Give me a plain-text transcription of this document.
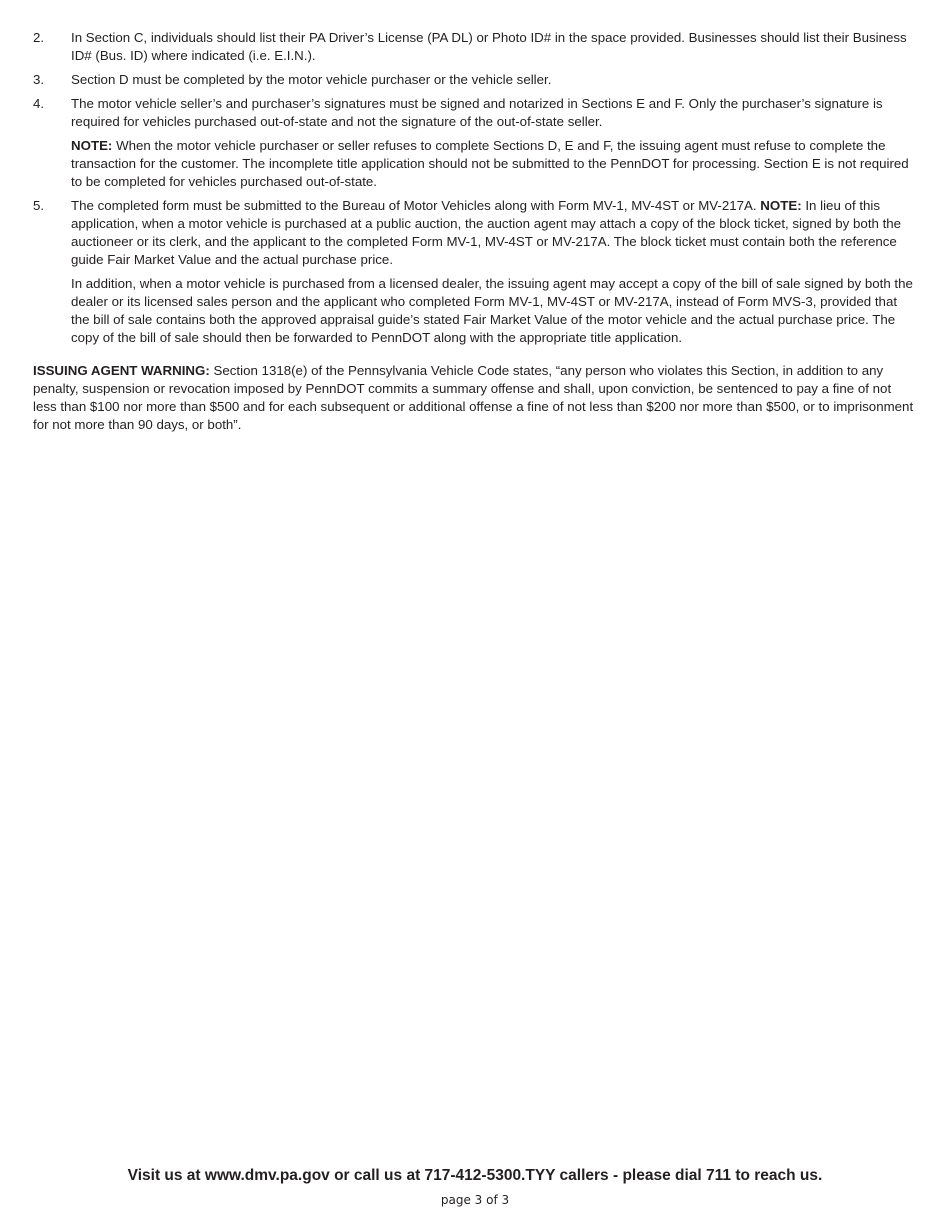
2. In Section C, individuals should list their PA Driver’s License (PA DL) or Photo ID# in the space provided. Businesses should list their Business ID# (Bus. ID) where indicated (i.e. E.I.N.).

3. Section D must be completed by the motor vehicle purchaser or the vehicle seller.

4. The motor vehicle seller’s and purchaser’s signatures must be signed and notarized in Sections E and F. Only the purchaser’s signature is required for vehicles purchased out-of-state and not the signature of the out-of-state seller.

NOTE: When the motor vehicle purchaser or seller refuses to complete Sections D, E and F, the issuing agent must refuse to complete the transaction for the customer. The incomplete title application should not be submitted to the PennDOT for processing. Section E is not required to be completed for vehicles purchased out-of-state.

5. The completed form must be submitted to the Bureau of Motor Vehicles along with Form MV-1, MV-4ST or MV-217A. NOTE: In lieu of this application, when a motor vehicle is purchased at a public auction, the auction agent may attach a copy of the block ticket, signed by both the auctioneer or its clerk, and the applicant to the completed Form MV-1, MV-4ST or MV-217A. The block ticket must contain both the reference guide Fair Market Value and the actual purchase price.

In addition, when a motor vehicle is purchased from a licensed dealer, the issuing agent may accept a copy of the bill of sale signed by both the dealer or its licensed sales person and the applicant who completed Form MV-1, MV-4ST or MV-217A, instead of Form MVS-3, provided that the bill of sale contains both the approved appraisal guide’s stated Fair Market Value of the motor vehicle and the actual purchase price. The copy of the bill of sale should then be forwarded to PennDOT along with the appropriate title application.

ISSUING AGENT WARNING: Section 1318(e) of the Pennsylvania Vehicle Code states, “any person who violates this Section, in addition to any penalty, suspension or revocation imposed by PennDOT commits a summary offense and shall, upon conviction, be sentenced to pay a fine of not less than $100 nor more than $500 and for each subsequent or additional offense a fine of not less than $200 nor more than $500, or to imprisonment for not more than 90 days, or both”.

Visit us at www.dmv.pa.gov or call us at 717-412-5300.TYY callers - please dial 711 to reach us.
page 3 of 3
